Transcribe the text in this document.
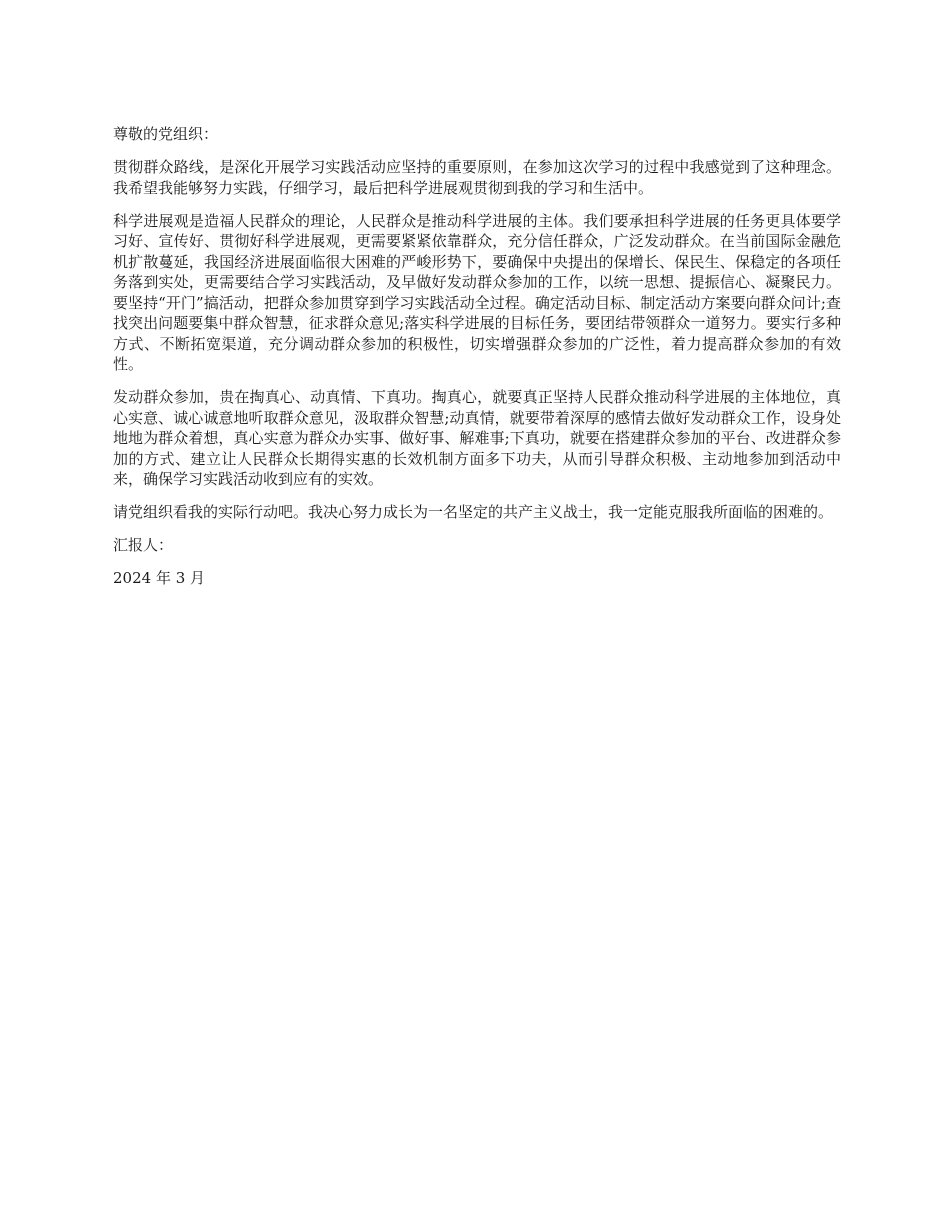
尊敬的党组织：

贯彻群众路线，是深化开展学习实践活动应坚持的重要原则，在参加这次学习的过程中我感觉到了这种理念。我希望我能够努力实践，仔细学习，最后把科学进展观贯彻到我的学习和生活中。

科学进展观是造福人民群众的理论，人民群众是推动科学进展的主体。我们要承担科学进展的任务更具体要学习好、宣传好、贯彻好科学进展观，更需要紧紧依靠群众，充分信任群众，广泛发动群众。在当前国际金融危机扩散蔓延，我国经济进展面临很大困难的严峻形势下，要确保中央提出的保增长、保民生、保稳定的各项任务落到实处，更需要结合学习实践活动，及早做好发动群众参加的工作，以统一思想、提振信心、凝聚民力。要坚持“开门”搞活动，把群众参加贯穿到学习实践活动全过程。确定活动目标、制定活动方案要向群众问计;查找突出问题要集中群众智慧，征求群众意见;落实科学进展的目标任务，要团结带领群众一道努力。要实行多种方式、不断拓宽渠道，充分调动群众参加的积极性，切实增强群众参加的广泛性，着力提高群众参加的有效性。

发动群众参加，贵在掏真心、动真情、下真功。掏真心，就要真正坚持人民群众推动科学进展的主体地位，真心实意、诚心诚意地听取群众意见，汲取群众智慧;动真情，就要带着深厚的感情去做好发动群众工作，设身处地地为群众着想，真心实意为群众办实事、做好事、解难事;下真功，就要在搭建群众参加的平台、改进群众参加的方式、建立让人民群众长期得实惠的长效机制方面多下功夫，从而引导群众积极、主动地参加到活动中来，确保学习实践活动收到应有的实效。

请党组织看我的实际行动吧。我决心努力成长为一名坚定的共产主义战士，我一定能克服我所面临的困难的。

汇报人：

2024 年 3 月
